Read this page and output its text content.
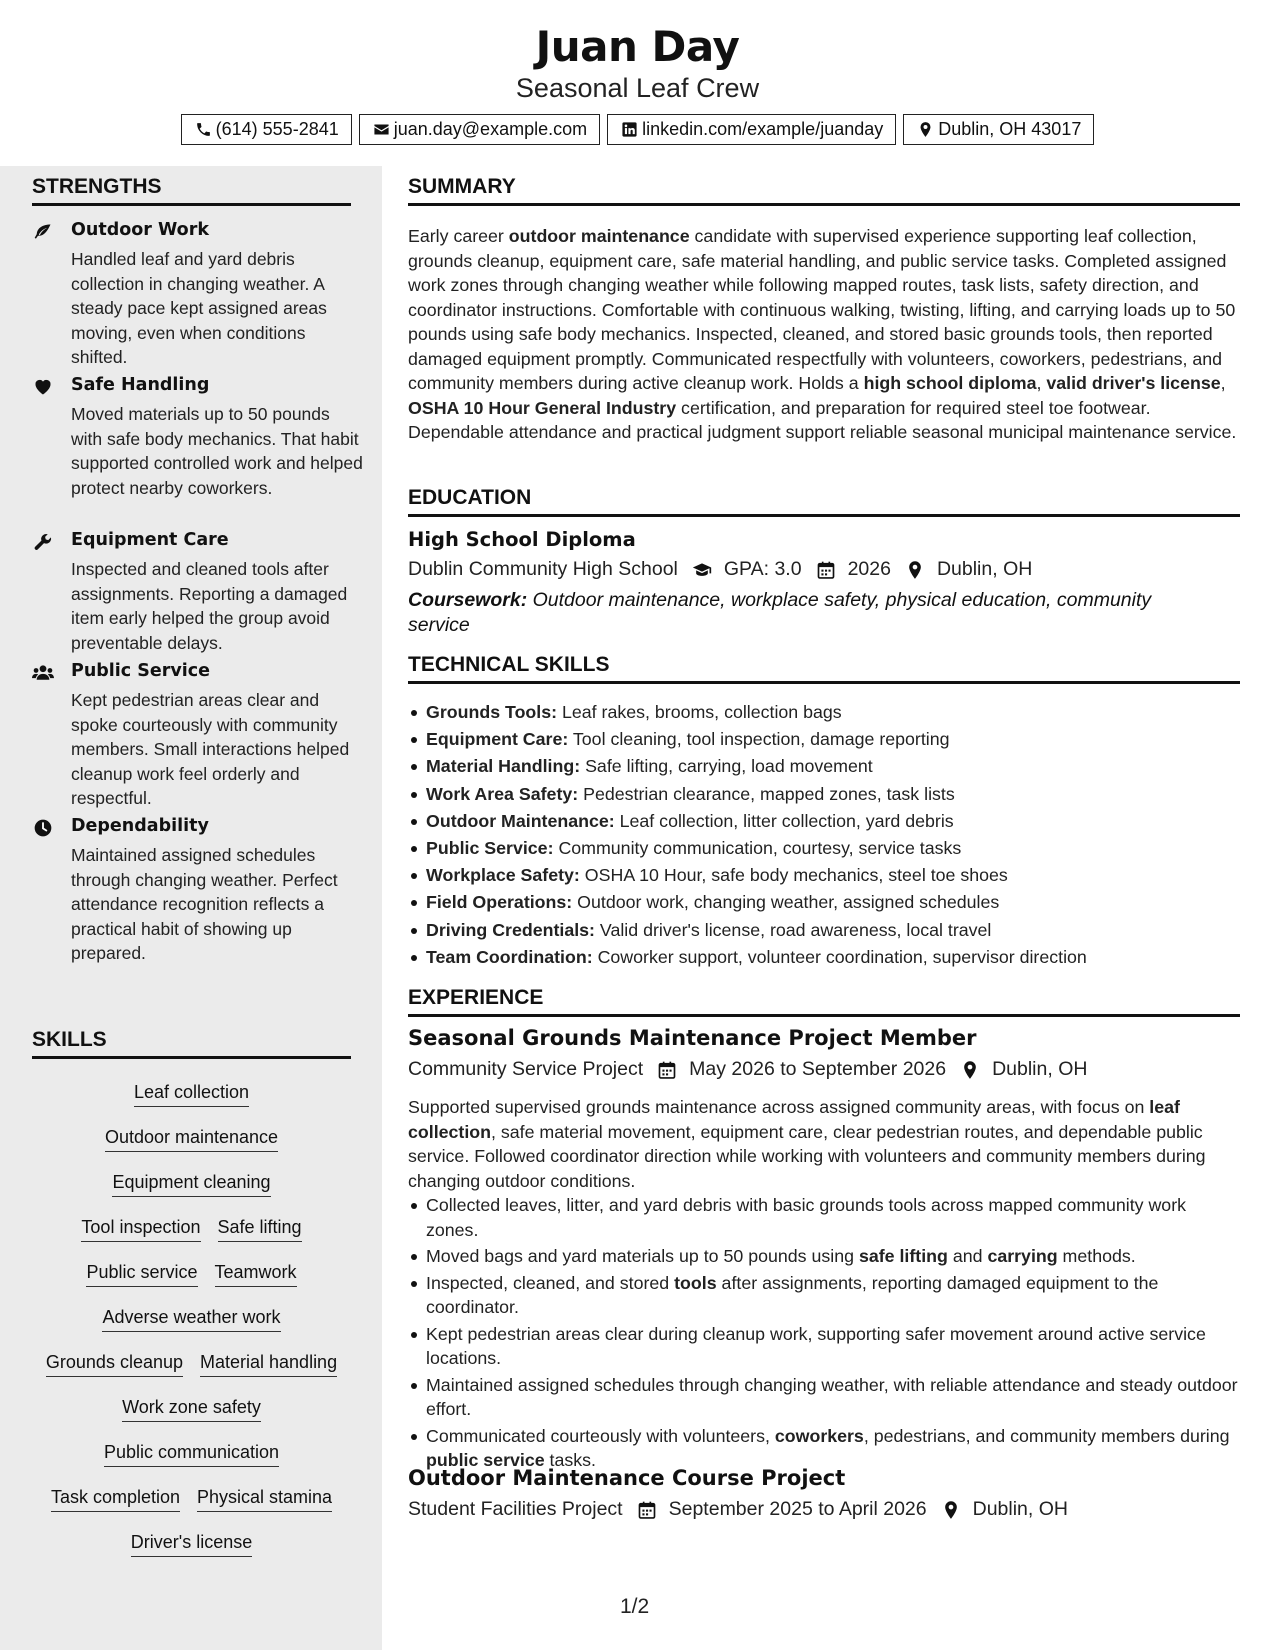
Juan Day
Seasonal Leaf Crew
(614) 555-2841	juan.day@example.com	linkedin.com/example/juanday	Dublin, OH 43017
STRENGTHS
Outdoor Work
Handled leaf and yard debris collection in changing weather. A steady pace kept assigned areas moving, even when conditions shifted.
Safe Handling
Moved materials up to 50 pounds with safe body mechanics. That habit supported controlled work and helped protect nearby coworkers.
Equipment Care
Inspected and cleaned tools after assignments. Reporting a damaged item early helped the group avoid preventable delays.
Public Service
Kept pedestrian areas clear and spoke courteously with community members. Small interactions helped cleanup work feel orderly and respectful.
Dependability
Maintained assigned schedules through changing weather. Perfect attendance recognition reflects a practical habit of showing up prepared.
SKILLS
Leaf collection
Outdoor maintenance
Equipment cleaning
Tool inspection Safe lifting
Public service Teamwork
Adverse weather work
Grounds cleanup Material handling
Work zone safety
Public communication
Task completion Physical stamina
Driver's license
SUMMARY
Early career outdoor maintenance candidate with supervised experience supporting leaf collection, grounds cleanup, equipment care, safe material handling, and public service tasks. Completed assigned work zones through changing weather while following mapped routes, task lists, safety direction, and coordinator instructions. Comfortable with continuous walking, twisting, lifting, and carrying loads up to 50 pounds using safe body mechanics. Inspected, cleaned, and stored basic grounds tools, then reported damaged equipment promptly. Communicated respectfully with volunteers, coworkers, pedestrians, and community members during active cleanup work. Holds a high school diploma, valid driver's license, OSHA 10 Hour General Industry certification, and preparation for required steel toe footwear. Dependable attendance and practical judgment support reliable seasonal municipal maintenance service.
EDUCATION
High School Diploma
Dublin Community High School GPA: 3.0 2026 Dublin, OH
Coursework: Outdoor maintenance, workplace safety, physical education, community service
TECHNICAL SKILLS
Grounds Tools: Leaf rakes, brooms, collection bags
Equipment Care: Tool cleaning, tool inspection, damage reporting
Material Handling: Safe lifting, carrying, load movement
Work Area Safety: Pedestrian clearance, mapped zones, task lists
Outdoor Maintenance: Leaf collection, litter collection, yard debris
Public Service: Community communication, courtesy, service tasks
Workplace Safety: OSHA 10 Hour, safe body mechanics, steel toe shoes
Field Operations: Outdoor work, changing weather, assigned schedules
Driving Credentials: Valid driver's license, road awareness, local travel
Team Coordination: Coworker support, volunteer coordination, supervisor direction
EXPERIENCE
Seasonal Grounds Maintenance Project Member
Community Service Project May 2026 to September 2026 Dublin, OH
Supported supervised grounds maintenance across assigned community areas, with focus on leaf collection, safe material movement, equipment care, clear pedestrian routes, and dependable public service. Followed coordinator direction while working with volunteers and community members during changing outdoor conditions.
Collected leaves, litter, and yard debris with basic grounds tools across mapped community work zones.
Moved bags and yard materials up to 50 pounds using safe lifting and carrying methods.
Inspected, cleaned, and stored tools after assignments, reporting damaged equipment to the coordinator.
Kept pedestrian areas clear during cleanup work, supporting safer movement around active service locations.
Maintained assigned schedules through changing weather, with reliable attendance and steady outdoor effort.
Communicated courteously with volunteers, coworkers, pedestrians, and community members during public service tasks.
Outdoor Maintenance Course Project
Student Facilities Project September 2025 to April 2026 Dublin, OH
1/2
